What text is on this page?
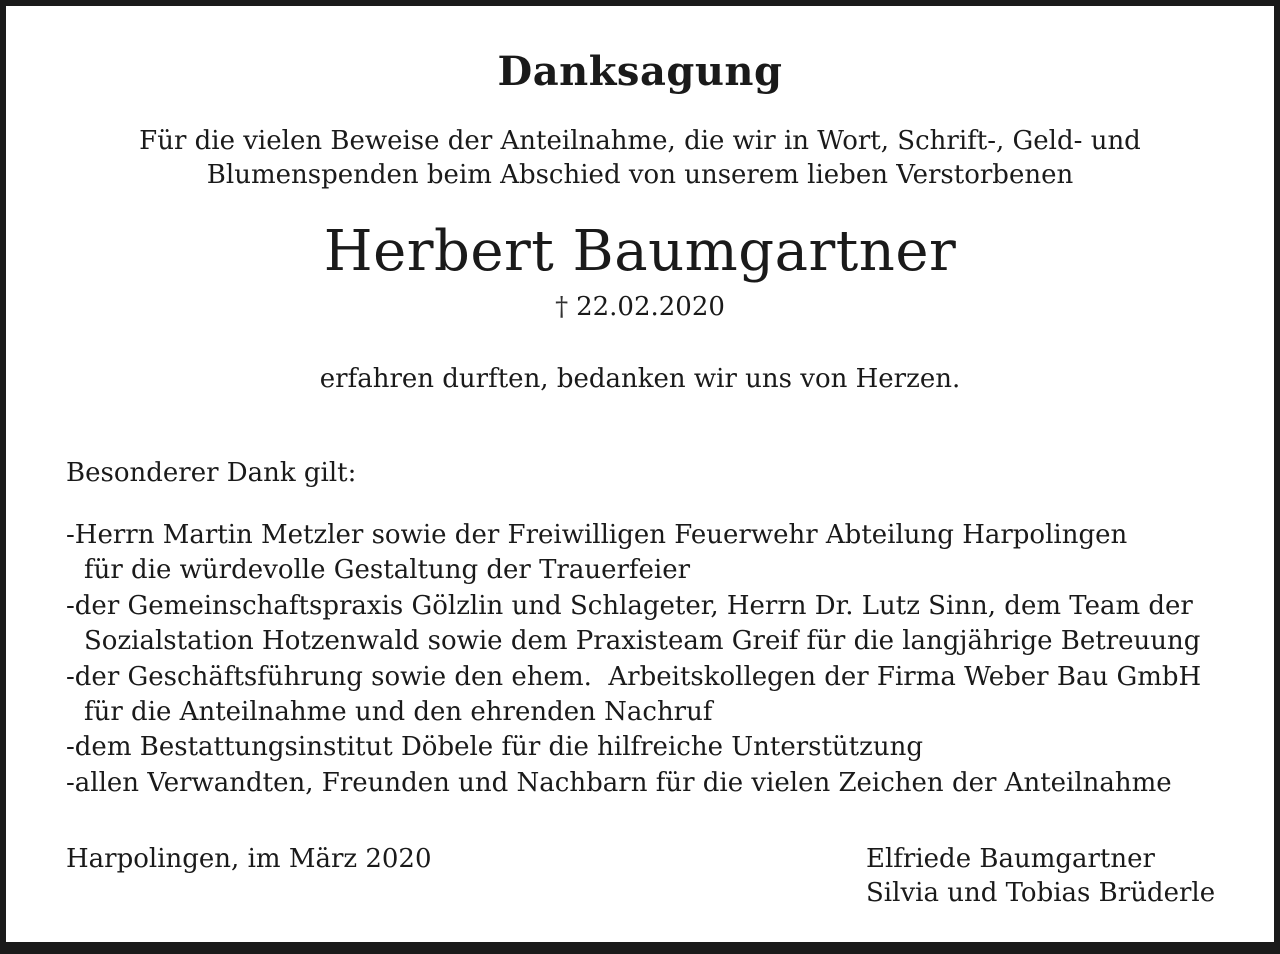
Danksagung

Für die vielen Beweise der Anteilnahme, die wir in Wort, Schrift-, Geld- und

Blumenspenden beim Abschied von unserem lieben Verstorbenen

Herbert Baumgartner

† 22.02.2020

erfahren durften, bedanken wir uns von Herzen.

Besonderer Dank gilt:

-Herrn Martin Metzler sowie der Freiwilligen Feuerwehr Abteilung Harpolingen
für die würdevolle Gestaltung der Trauerfeier
-der Gemeinschaftspraxis Gölzlin und Schlageter, Herrn Dr. Lutz Sinn, dem Team der
Sozialstation Hotzenwald sowie dem Praxisteam Greif für die langjährige Betreuung
-der Geschäftsführung sowie den ehem.  Arbeitskollegen der Firma Weber Bau GmbH
für die Anteilnahme und den ehrenden Nachruf
-dem Bestattungsinstitut Döbele für die hilfreiche Unterstützung
-allen Verwandten, Freunden und Nachbarn für die vielen Zeichen der Anteilnahme

Harpolingen, im März 2020	Elfriede Baumgartner
Silvia und Tobias Brüderle
